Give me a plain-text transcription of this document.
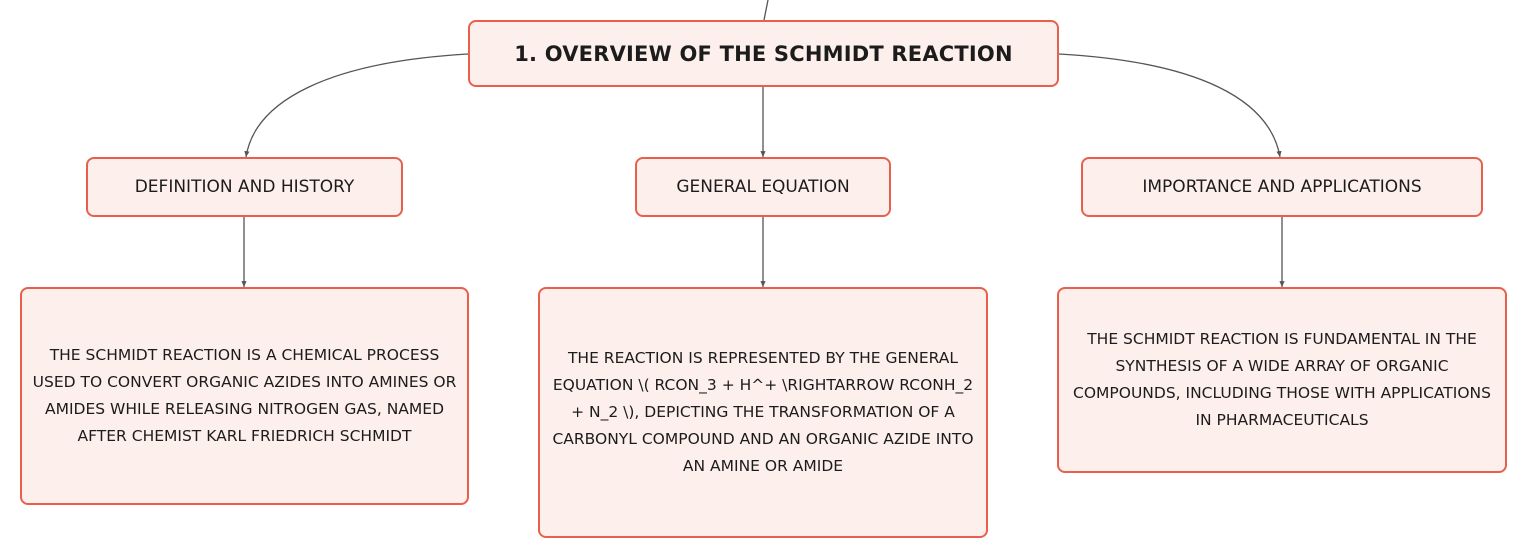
1. OVERVIEW OF THE SCHMIDT REACTION
DEFINITION AND HISTORY	GENERAL EQUATION	IMPORTANCE AND APPLICATIONS
THE SCHMIDT REACTION IS A CHEMICAL PROCESS USED TO CONVERT ORGANIC AZIDES INTO AMINES OR AMIDES WHILE RELEASING NITROGEN GAS, NAMED AFTER CHEMIST KARL FRIEDRICH SCHMIDT
THE REACTION IS REPRESENTED BY THE GENERAL EQUATION \( RCON_3 + H^+ \RIGHTARROW RCONH_2 + N_2 \), DEPICTING THE TRANSFORMATION OF A CARBONYL COMPOUND AND AN ORGANIC AZIDE INTO AN AMINE OR AMIDE
THE SCHMIDT REACTION IS FUNDAMENTAL IN THE SYNTHESIS OF A WIDE ARRAY OF ORGANIC COMPOUNDS, INCLUDING THOSE WITH APPLICATIONS IN PHARMACEUTICALS
